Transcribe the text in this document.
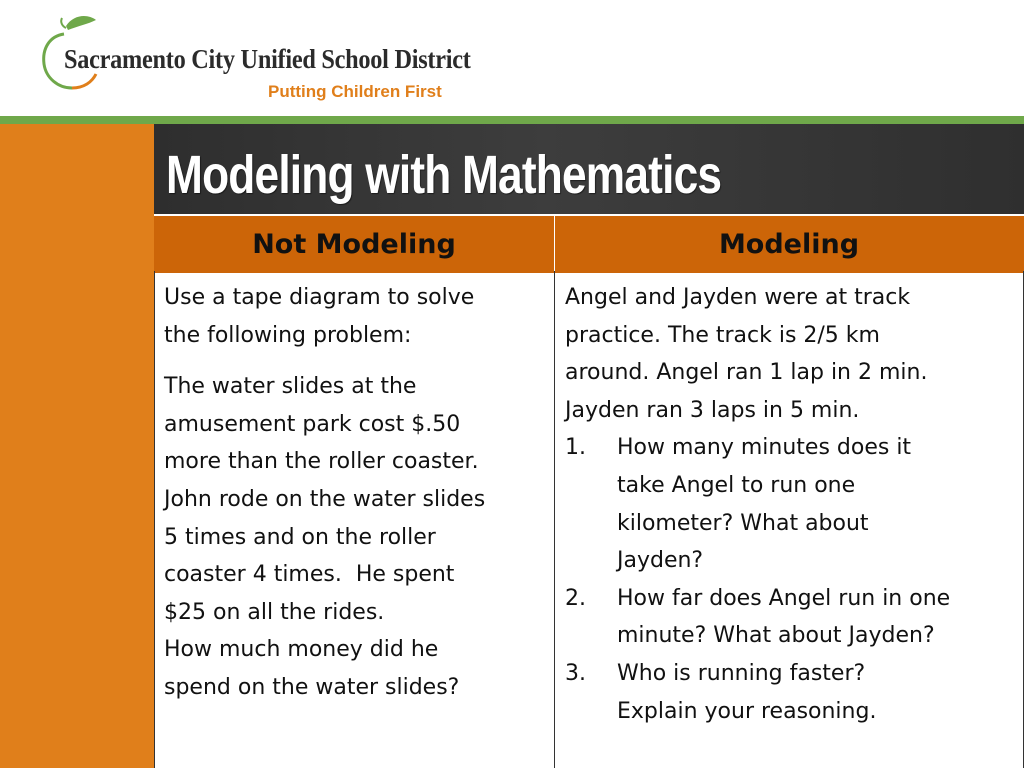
Sacramento City Unified School District
Putting Children First
Modeling with Mathematics
Not Modeling	Modeling

Use a tape diagram to solve

the following problem:

The water slides at the

amusement park cost $.50

more than the roller coaster.

John rode on the water slides

5 times and on the roller

coaster 4 times.  He spent

$25 on all the rides.

How much money did he

spend on the water slides?

Angel and Jayden were at track

practice. The track is 2/5 km

around. Angel ran 1 lap in 2 min.

Jayden ran 3 laps in 5 min.

1. How many minutes does it

take Angel to run one

kilometer? What about

Jayden?

2. How far does Angel run in one

minute? What about Jayden?

3. Who is running faster?

Explain your reasoning.
